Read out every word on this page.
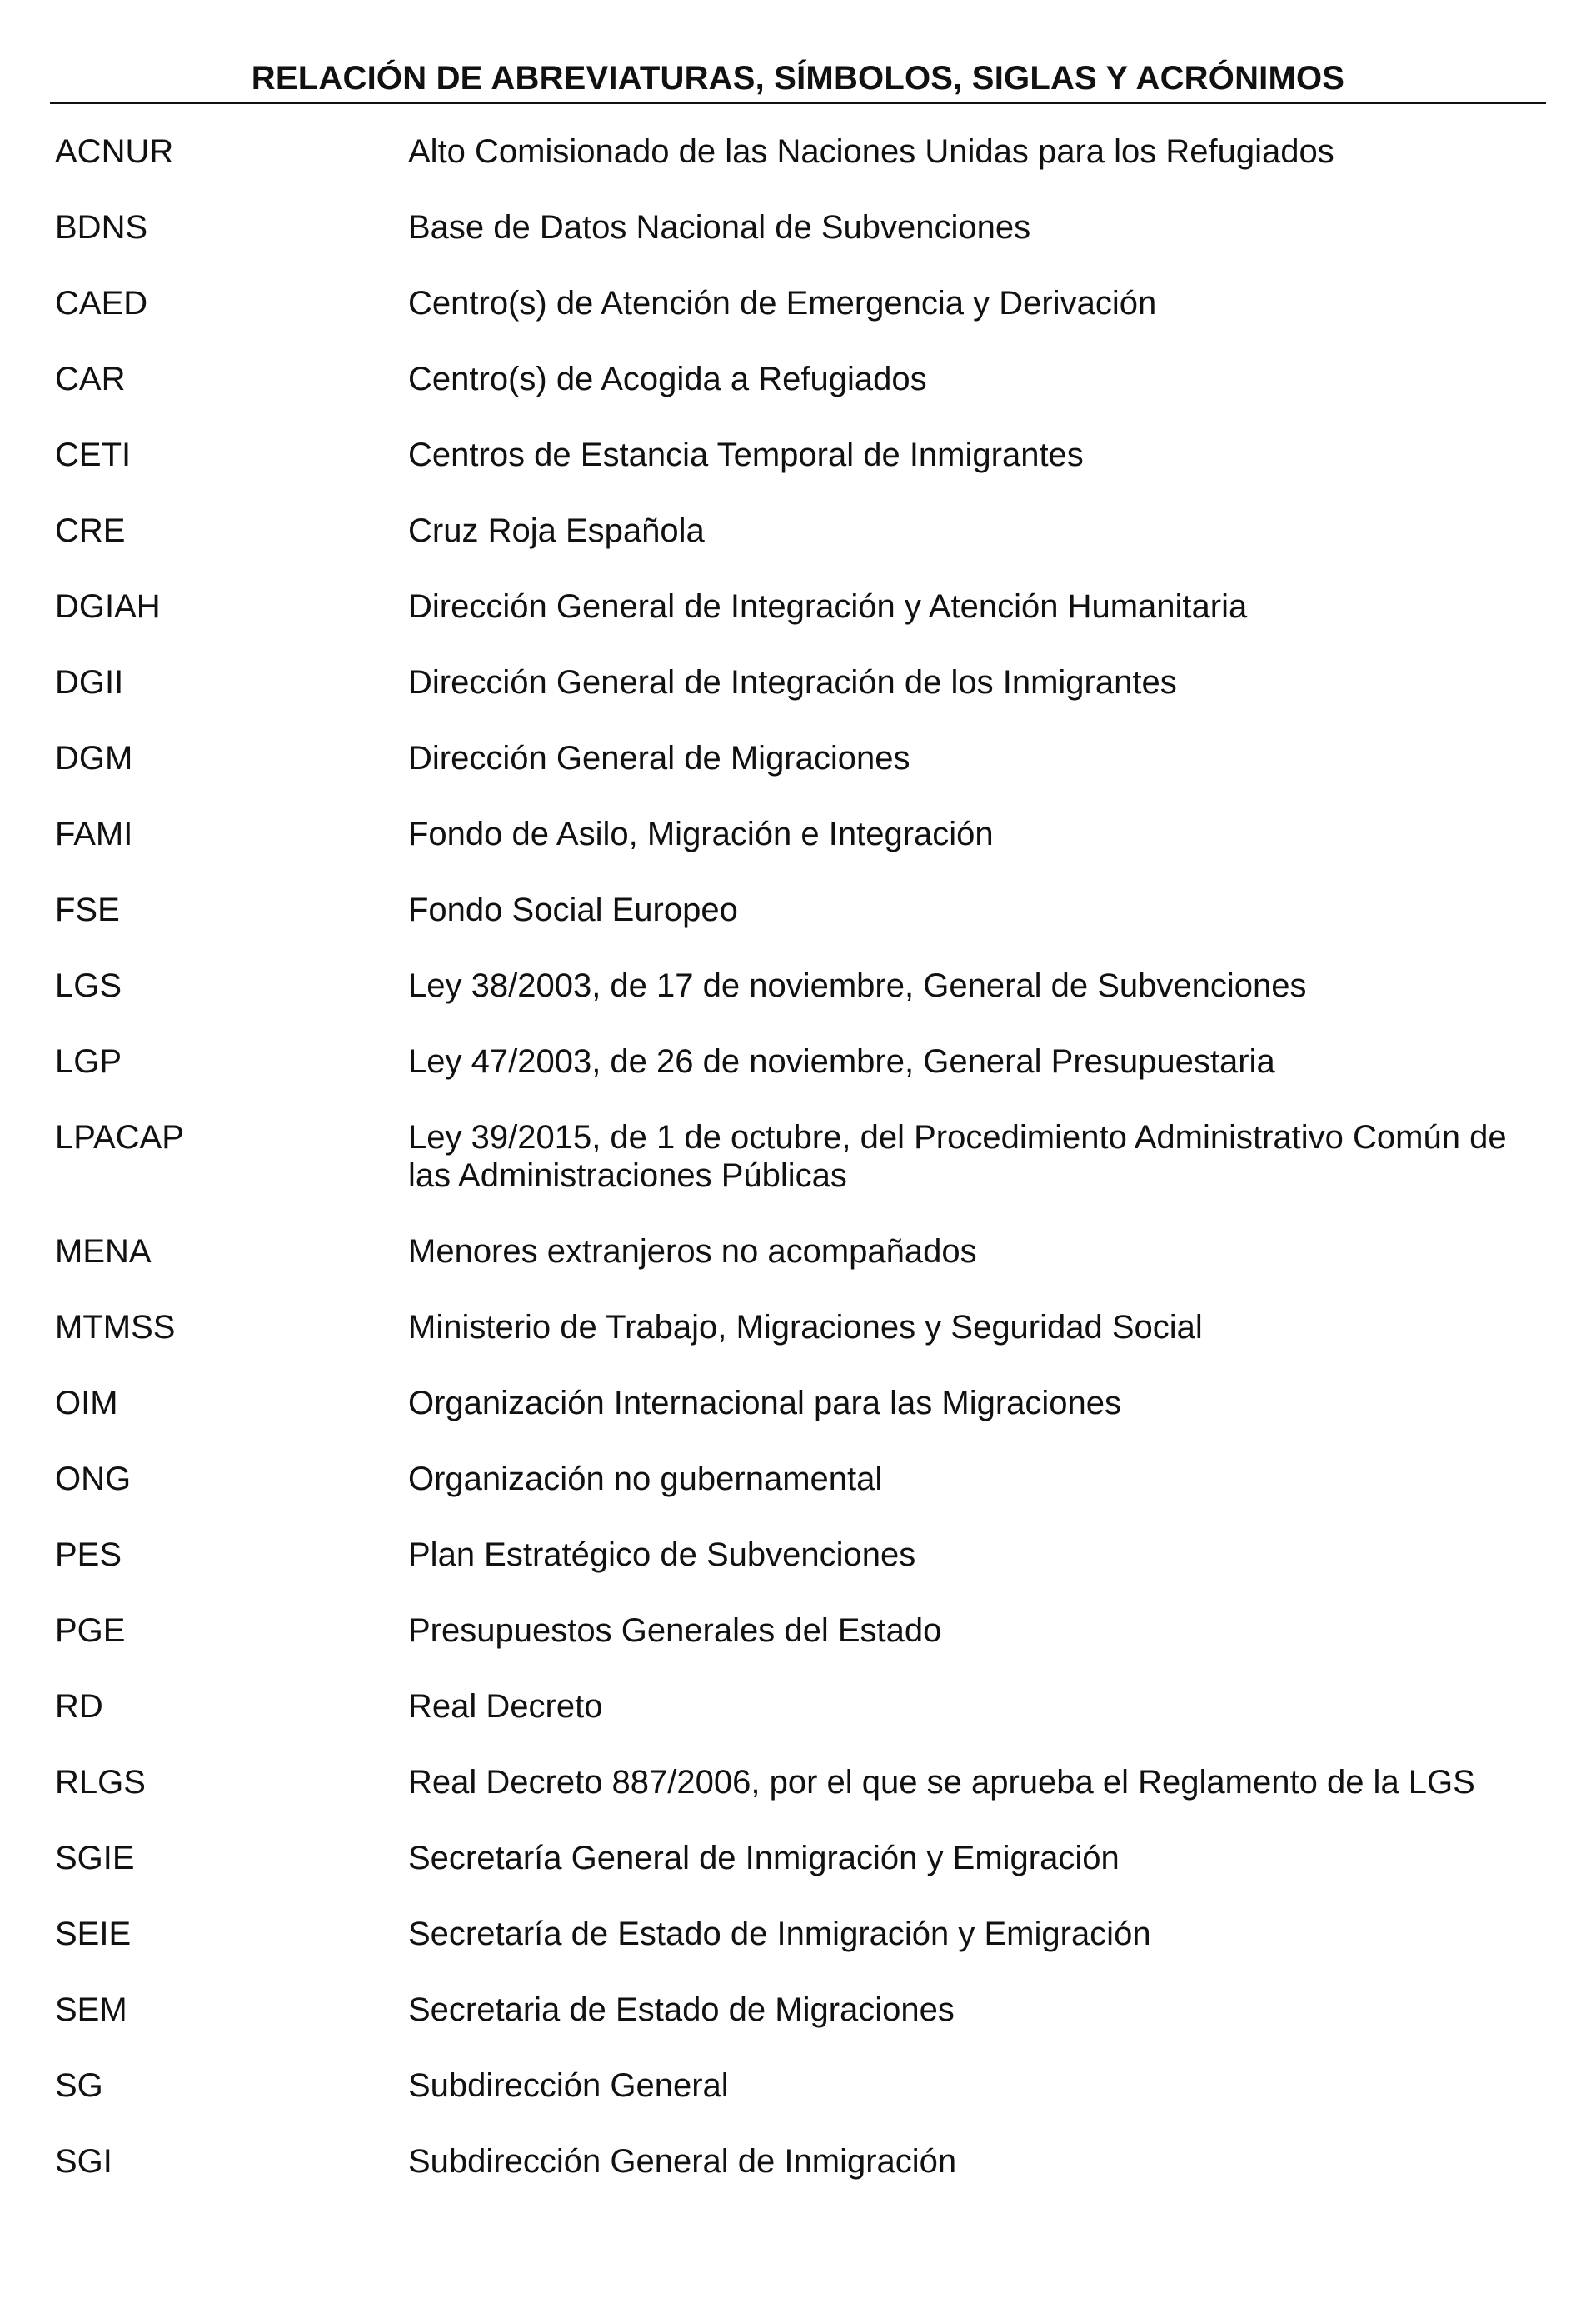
RELACIÓN DE ABREVIATURAS, SÍMBOLOS, SIGLAS Y ACRÓNIMOS
ACNUR	Alto Comisionado de las Naciones Unidas para los Refugiados
BDNS	Base de Datos Nacional de Subvenciones
CAED	Centro(s) de Atención de Emergencia y Derivación
CAR	Centro(s) de Acogida a Refugiados
CETI	Centros de Estancia Temporal de Inmigrantes
CRE	Cruz Roja Española
DGIAH	Dirección General de Integración y Atención Humanitaria
DGII	Dirección General de Integración de los Inmigrantes
DGM	Dirección General de Migraciones
FAMI	Fondo de Asilo, Migración e Integración
FSE	Fondo Social Europeo
LGS	Ley 38/2003, de 17 de noviembre, General de Subvenciones
LGP	Ley 47/2003, de 26 de noviembre, General Presupuestaria
LPACAP	Ley 39/2015, de 1 de octubre, del Procedimiento Administrativo Común de las Administraciones Públicas
MENA	Menores extranjeros no acompañados
MTMSS	Ministerio de Trabajo, Migraciones y Seguridad Social
OIM	Organización Internacional para las Migraciones
ONG	Organización no gubernamental
PES	Plan Estratégico de Subvenciones
PGE	Presupuestos Generales del Estado
RD	Real Decreto
RLGS	Real Decreto 887/2006, por el que se aprueba el Reglamento de la LGS
SGIE	Secretaría General de Inmigración y Emigración
SEIE	Secretaría de Estado de Inmigración y Emigración
SEM	Secretaria de Estado de Migraciones
SG	Subdirección General
SGI	Subdirección General de Inmigración
